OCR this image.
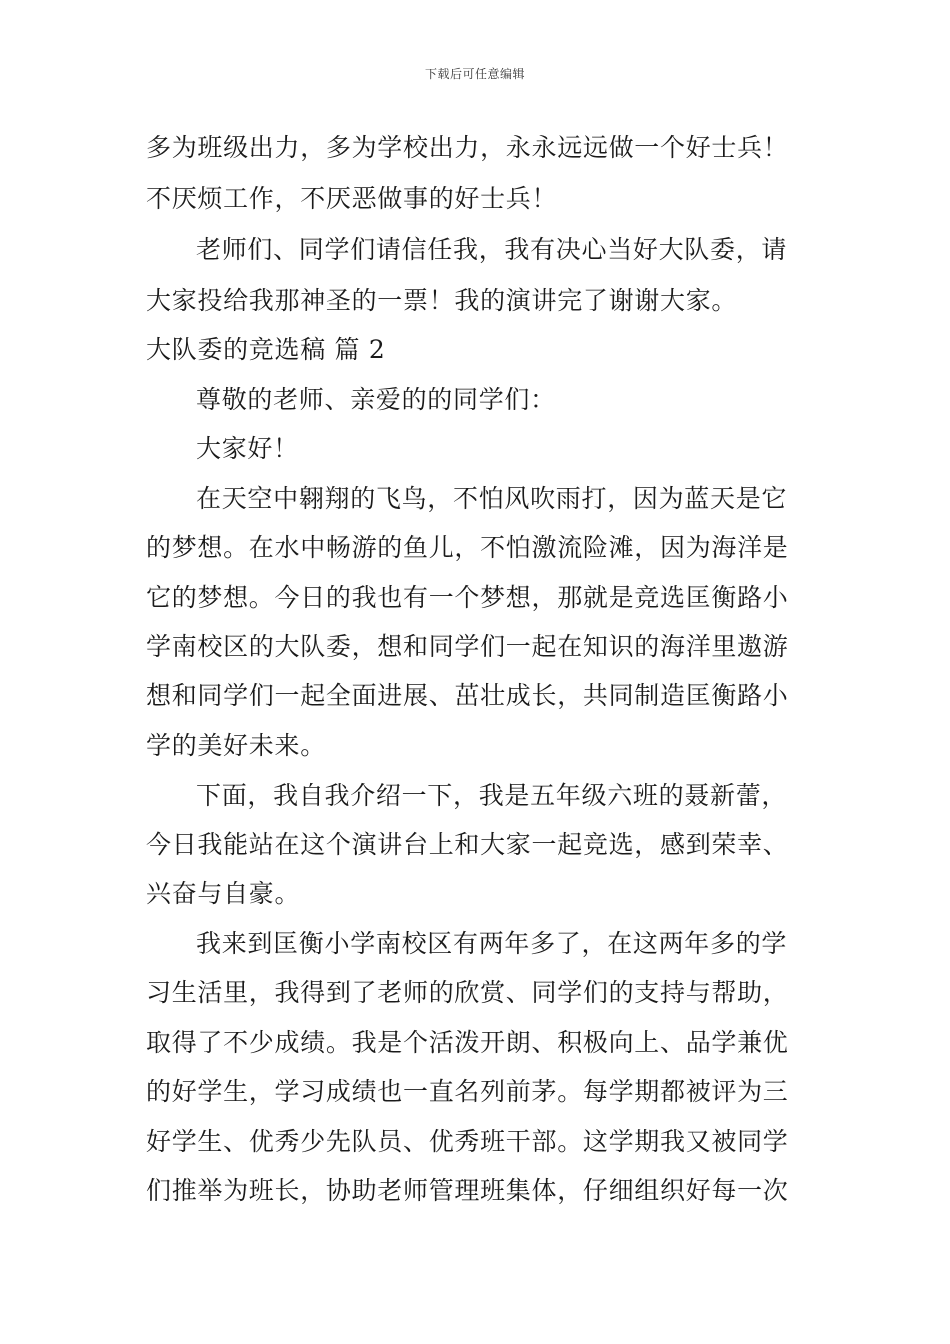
下载后可任意编辑
多为班级出力，多为学校出力，永永远远做一个好士兵！
不厌烦工作，不厌恶做事的好士兵！
老师们、同学们请信任我，我有决心当好大队委，请
大家投给我那神圣的一票！我的演讲完了谢谢大家。
大队委的竞选稿 篇 2
尊敬的老师、亲爱的的同学们：
大家好！
在天空中翱翔的飞鸟，不怕风吹雨打，因为蓝天是它
的梦想。在水中畅游的鱼儿，不怕激流险滩，因为海洋是
它的梦想。今日的我也有一个梦想，那就是竞选匡衡路小
学南校区的大队委，想和同学们一起在知识的海洋里遨游
想和同学们一起全面进展、茁壮成长，共同制造匡衡路小
学的美好未来。
下面，我自我介绍一下，我是五年级六班的聂新蕾，
今日我能站在这个演讲台上和大家一起竞选，感到荣幸、
兴奋与自豪。
我来到匡衡小学南校区有两年多了，在这两年多的学
习生活里，我得到了老师的欣赏、同学们的支持与帮助，
取得了不少成绩。我是个活泼开朗、积极向上、品学兼优
的好学生，学习成绩也一直名列前茅。每学期都被评为三
好学生、优秀少先队员、优秀班干部。这学期我又被同学
们推举为班长，协助老师管理班集体，仔细组织好每一次
